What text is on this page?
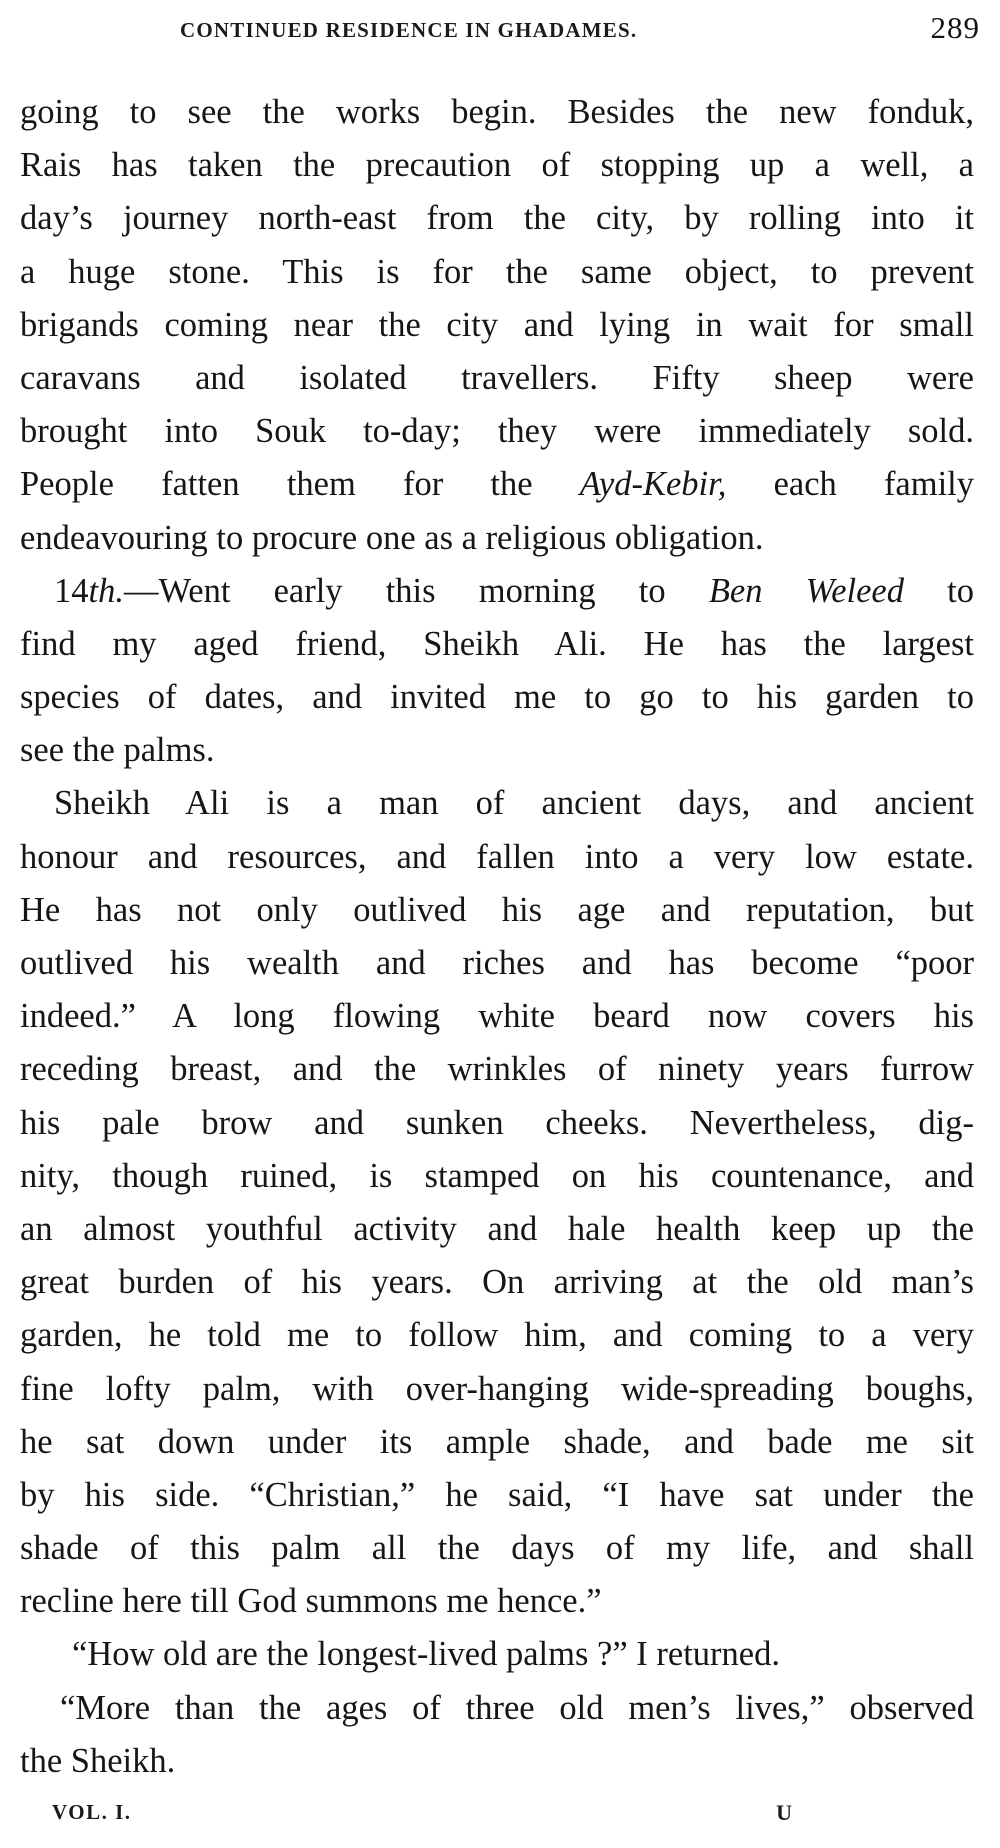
CONTINUED RESIDENCE IN GHADAMES.	289
going to see the works begin. Besides the new fonduk,
Rais has taken the precaution of stopping up a well, a
day’s journey north-east from the city, by rolling into it
a huge stone. This is for the same object, to prevent
brigands coming near the city and lying in wait for small
caravans and isolated travellers. Fifty sheep were
brought into Souk to-day; they were immediately sold.
People fatten them for the Ayd-Kebir, each family
endeavouring to procure one as a religious obligation.
14th.—Went early this morning to Ben Weleed to
find my aged friend, Sheikh Ali. He has the largest
species of dates, and invited me to go to his garden to
see the palms.
Sheikh Ali is a man of ancient days, and ancient
honour and resources, and fallen into a very low estate.
He has not only outlived his age and reputation, but
outlived his wealth and riches and has become “poor
indeed.” A long flowing white beard now covers his
receding breast, and the wrinkles of ninety years furrow
his pale brow and sunken cheeks. Nevertheless, dig-
nity, though ruined, is stamped on his countenance, and
an almost youthful activity and hale health keep up the
great burden of his years. On arriving at the old man’s
garden, he told me to follow him, and coming to a very
fine lofty palm, with over-hanging wide-spreading boughs,
he sat down under its ample shade, and bade me sit
by his side. “Christian,” he said, “I have sat under the
shade of this palm all the days of my life, and shall
recline here till God summons me hence.”
“How old are the longest-lived palms ?” I returned.
“More than the ages of three old men’s lives,” observed
the Sheikh.
VOL. I.	U
